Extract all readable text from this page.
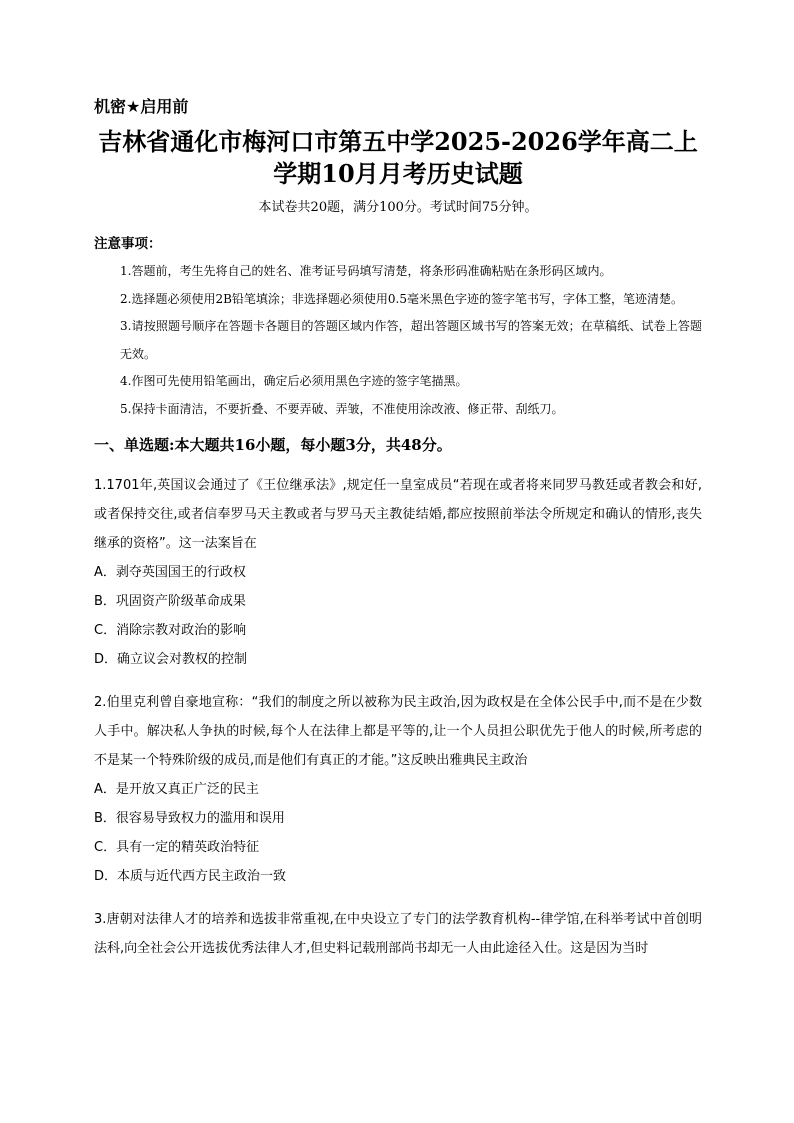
机密★启用前
吉林省通化市梅河口市第五中学2025-2026学年高二上学期10月月考历史试题
本试卷共20题，满分100分。考试时间75分钟。
注意事项：
1.答题前，考生先将自己的姓名、准考证号码填写清楚，将条形码准确粘贴在条形码区域内。
2.选择题必须使用2B铅笔填涂；非选择题必须使用0.5毫米黑色字迹的签字笔书写，字体工整，笔迹清楚。
3.请按照题号顺序在答题卡各题目的答题区域内作答，超出答题区域书写的答案无效；在草稿纸、试卷上答题无效。
4.作图可先使用铅笔画出，确定后必须用黑色字迹的签字笔描黑。
5.保持卡面清洁，不要折叠、不要弄破、弄皱，不准使用涂改液、修正带、刮纸刀。
一、单选题:本大题共16小题，每小题3分，共48分。
1.1701年,英国议会通过了《王位继承法》,规定任一皇室成员“若现在或者将来同罗马教廷或者教会和好,或者保持交往,或者信奉罗马天主教或者与罗马天主教徒结婚,都应按照前举法令所规定和确认的情形,丧失继承的资格”。这一法案旨在
A．剥夺英国国王的行政权
B．巩固资产阶级革命成果
C．消除宗教对政治的影响
D．确立议会对教权的控制
2.伯里克利曾自豪地宣称：“我们的制度之所以被称为民主政治,因为政权是在全体公民手中,而不是在少数人手中。解决私人争执的时候,每个人在法律上都是平等的,让一个人员担公职优先于他人的时候,所考虑的不是某一个特殊阶级的成员,而是他们有真正的才能。”这反映出雅典民主政治
A．是开放又真正广泛的民主
B．很容易导致权力的滥用和误用
C．具有一定的精英政治特征
D．本质与近代西方民主政治一致
3.唐朝对法律人才的培养和选拔非常重视,在中央设立了专门的法学教育机构--律学馆,在科举考试中首创明法科,向全社会公开选拔优秀法律人才,但史料记载刑部尚书却无一人由此途径入仕。这是因为当时
